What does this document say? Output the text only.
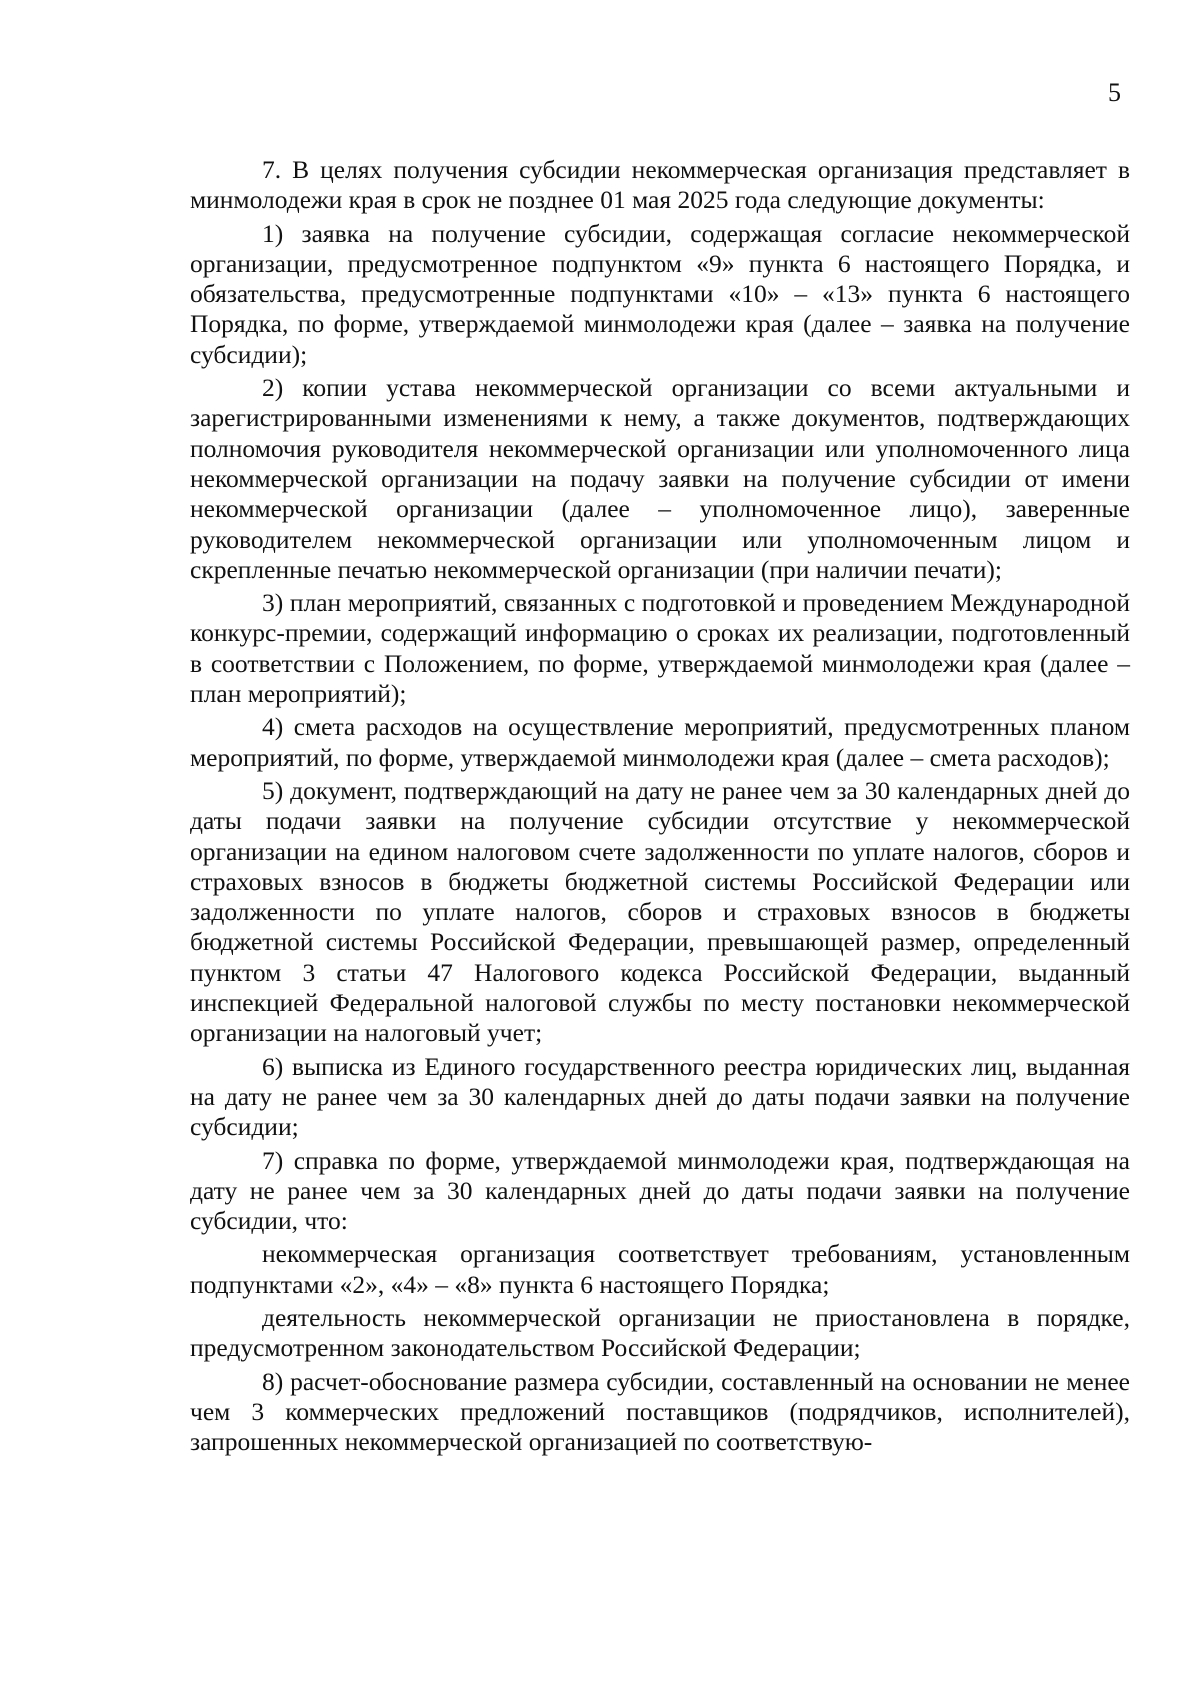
5

7. В целях получения субсидии некоммерческая организация представляет в минмолодежи края в срок не позднее 01 мая 2025 года следующие документы:

1) заявка на получение субсидии, содержащая согласие некоммерческой организации, предусмотренное подпунктом «9» пункта 6 настоящего Порядка, и обязательства, предусмотренные подпунктами «10» – «13» пункта 6 настоящего Порядка, по форме, утверждаемой минмолодежи края (далее – заявка на получение субсидии);

2) копии устава некоммерческой организации со всеми актуальными и зарегистрированными изменениями к нему, а также документов, подтверждающих полномочия руководителя некоммерческой организации или уполномоченного лица некоммерческой организации на подачу заявки на получение субсидии от имени некоммерческой организации (далее – уполномоченное лицо), заверенные руководителем некоммерческой организации или уполномоченным лицом и скрепленные печатью некоммерческой организации (при наличии печати);

3) план мероприятий, связанных с подготовкой и проведением Международной конкурс-премии, содержащий информацию о сроках их реализации, подготовленный в соответствии с Положением, по форме, утверждаемой минмолодежи края (далее – план мероприятий);

4) смета расходов на осуществление мероприятий, предусмотренных планом мероприятий, по форме, утверждаемой минмолодежи края (далее – смета расходов);

5) документ, подтверждающий на дату не ранее чем за 30 календарных дней до даты подачи заявки на получение субсидии отсутствие у некоммерческой организации на едином налоговом счете задолженности по уплате налогов, сборов и страховых взносов в бюджеты бюджетной системы Российской Федерации или задолженности по уплате налогов, сборов и страховых взносов в бюджеты бюджетной системы Российской Федерации, превышающей размер, определенный пунктом 3 статьи 47 Налогового кодекса Российской Федерации, выданный инспекцией Федеральной налоговой службы по месту постановки некоммерческой организации на налоговый учет;

6) выписка из Единого государственного реестра юридических лиц, выданная на дату не ранее чем за 30 календарных дней до даты подачи заявки на получение субсидии;

7) справка по форме, утверждаемой минмолодежи края, подтверждающая на дату не ранее чем за 30 календарных дней до даты подачи заявки на получение субсидии, что:

некоммерческая организация соответствует требованиям, установленным подпунктами «2», «4» – «8» пункта 6 настоящего Порядка;

деятельность некоммерческой организации не приостановлена в порядке, предусмотренном законодательством Российской Федерации;

8) расчет-обоснование размера субсидии, составленный на основании не менее чем 3 коммерческих предложений поставщиков (подрядчиков, исполнителей), запрошенных некоммерческой организацией по соответствую-
